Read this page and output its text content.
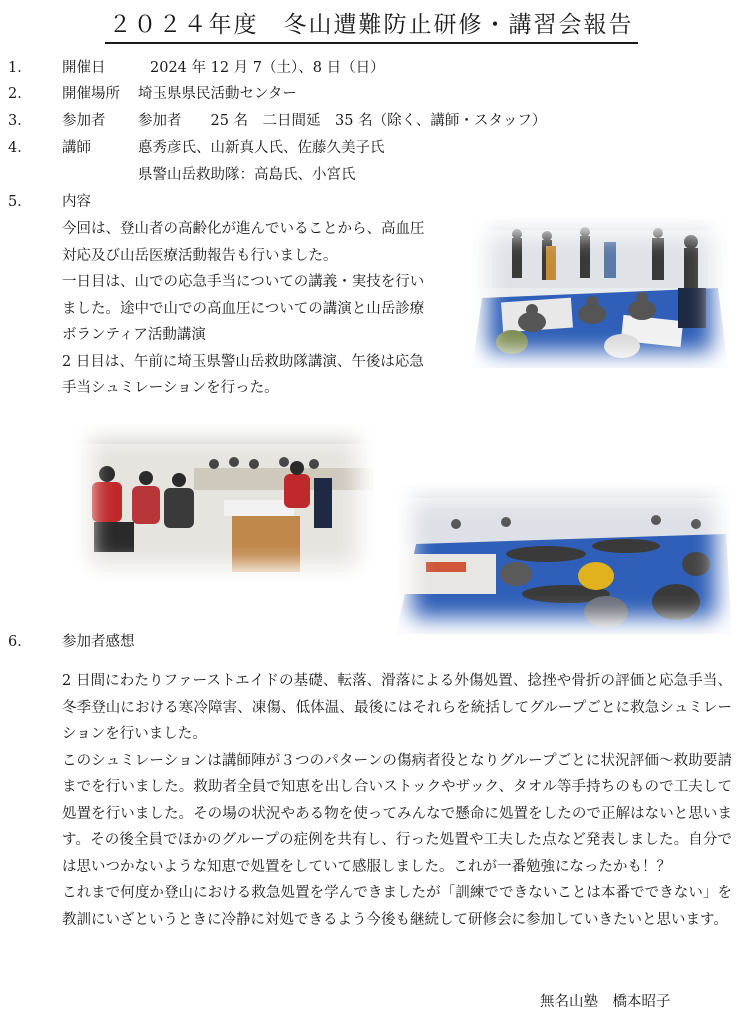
２０２４年度　冬山遭難防止研修・講習会報告
1． 開催日	2024 年 12 月 7（土）、8 日（日）
2． 開催場所 埼玉県県民活動センター
3． 参加者 参加者　　25 名　二日間延　35 名（除く、講師・スタッフ）
4． 講師	悳秀彦氏、山新真人氏、佐藤久美子氏
県警山岳救助隊：高島氏、小宮氏
5． 内容

今回は、登山者の高齢化が進んでいることから、高血圧

対応及び山岳医療活動報告も行いました。

一日目は、山での応急手当についての講義・実技を行い

ました。途中で山での高血圧についての講演と山岳診療

ボランティア活動講演

2 日目は、午前に埼玉県警山岳救助隊講演、午後は応急

手当シュミレーションを行った。

6． 参加者感想

2 日間にわたりファーストエイドの基礎、転落、滑落による外傷処置、捻挫や骨折の評価と応急手当、冬季登山における寒冷障害、凍傷、低体温、最後にはそれらを統括してグループごとに救急シュミレーションを行いました。

このシュミレーションは講師陣が３つのパターンの傷病者役となりグループごとに状況評価〜救助要請までを行いました。救助者全員で知恵を出し合いストックやザック、タオル等手持ちのもので工夫して処置を行いました。その場の状況やある物を使ってみんなで懸命に処置をしたので正解はないと思います。その後全員でほかのグループの症例を共有し、行った処置や工夫した点など発表しました。自分では思いつかないような知恵で処置をしていて感服しました。これが一番勉強になったかも！？

これまで何度か登山における救急処置を学んできましたが「訓練でできないことは本番でできない」を教訓にいざというときに冷静に対処できるよう今後も継続して研修会に参加していきたいと思います。

無名山塾　橋本昭子
